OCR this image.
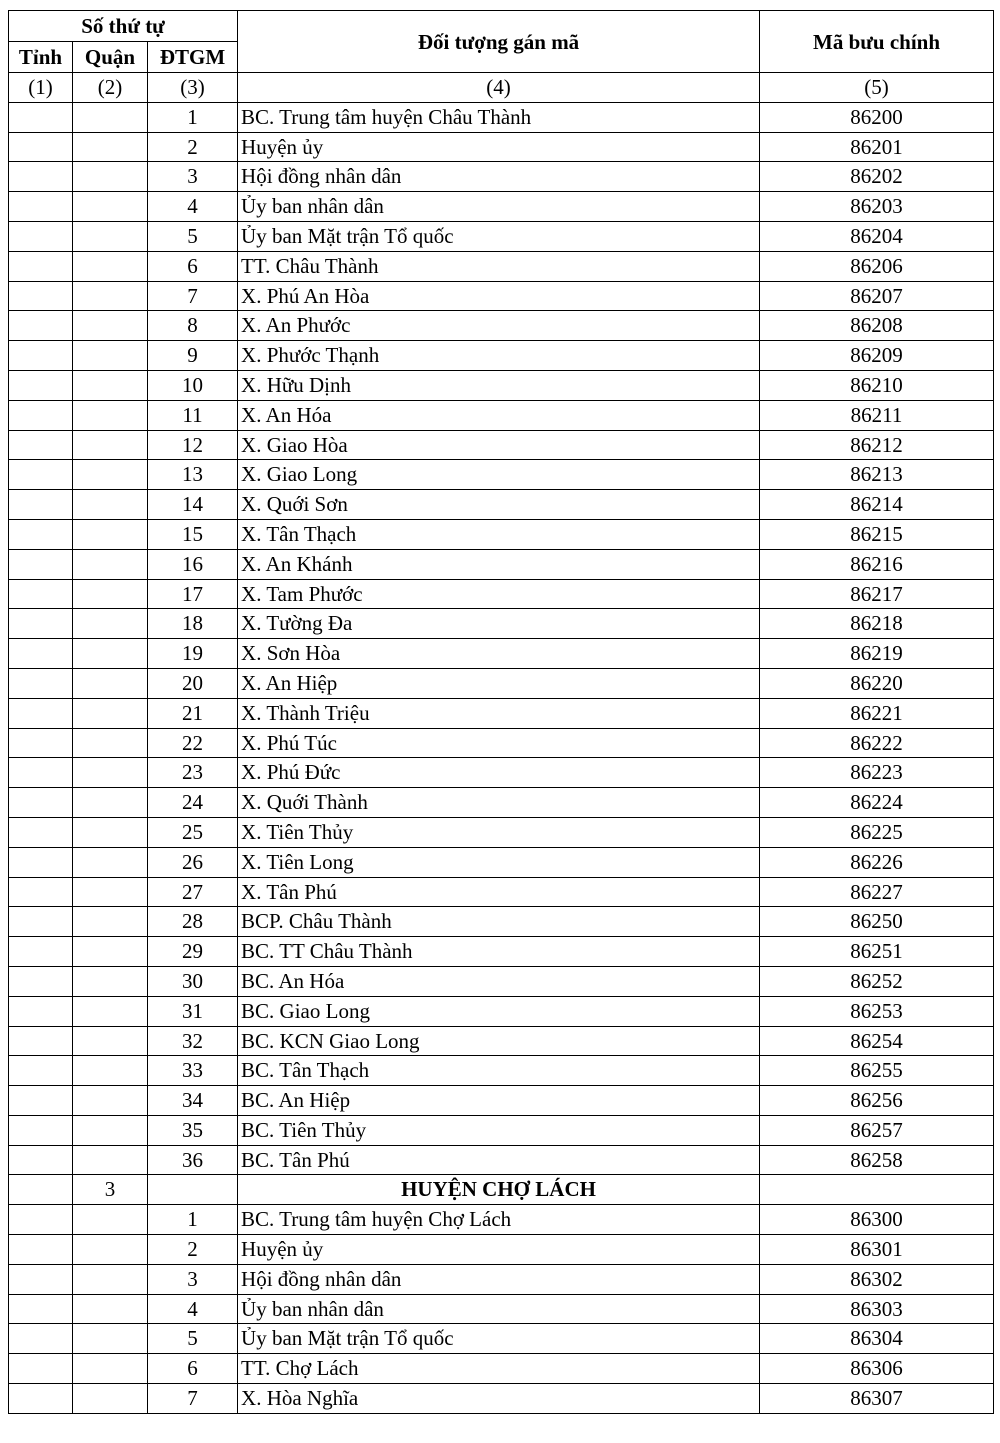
Số thứ tự			Đối tượng gán mã	Mã bưu chính
Tỉnh	Quận	ĐTGM		
(1)	(2)	(3)	(4)	(5)
		1	BC. Trung tâm huyện Châu Thành	86200
		2	Huyện ủy	86201
		3	Hội đồng nhân dân	86202
		4	Ủy ban nhân dân	86203
		5	Ủy ban Mặt trận Tổ quốc	86204
		6	TT. Châu Thành	86206
		7	X. Phú An Hòa	86207
		8	X. An Phước	86208
		9	X. Phước Thạnh	86209
		10	X. Hữu Dịnh	86210
		11	X. An Hóa	86211
		12	X. Giao Hòa	86212
		13	X. Giao Long	86213
		14	X. Quới Sơn	86214
		15	X. Tân Thạch	86215
		16	X. An Khánh	86216
		17	X. Tam Phước	86217
		18	X. Tường Đa	86218
		19	X. Sơn Hòa	86219
		20	X. An Hiệp	86220
		21	X. Thành Triệu	86221
		22	X. Phú Túc	86222
		23	X. Phú Đức	86223
		24	X. Quới Thành	86224
		25	X. Tiên Thủy	86225
		26	X. Tiên Long	86226
		27	X. Tân Phú	86227
		28	BCP. Châu Thành	86250
		29	BC. TT Châu Thành	86251
		30	BC. An Hóa	86252
		31	BC. Giao Long	86253
		32	BC. KCN Giao Long	86254
		33	BC. Tân Thạch	86255
		34	BC. An Hiệp	86256
		35	BC. Tiên Thủy	86257
		36	BC. Tân Phú	86258
	3		HUYỆN CHỢ LÁCH	
		1	BC. Trung tâm huyện Chợ Lách	86300
		2	Huyện ủy	86301
		3	Hội đồng nhân dân	86302
		4	Ủy ban nhân dân	86303
		5	Ủy ban Mặt trận Tổ quốc	86304
		6	TT. Chợ Lách	86306
		7	X. Hòa Nghĩa	86307
